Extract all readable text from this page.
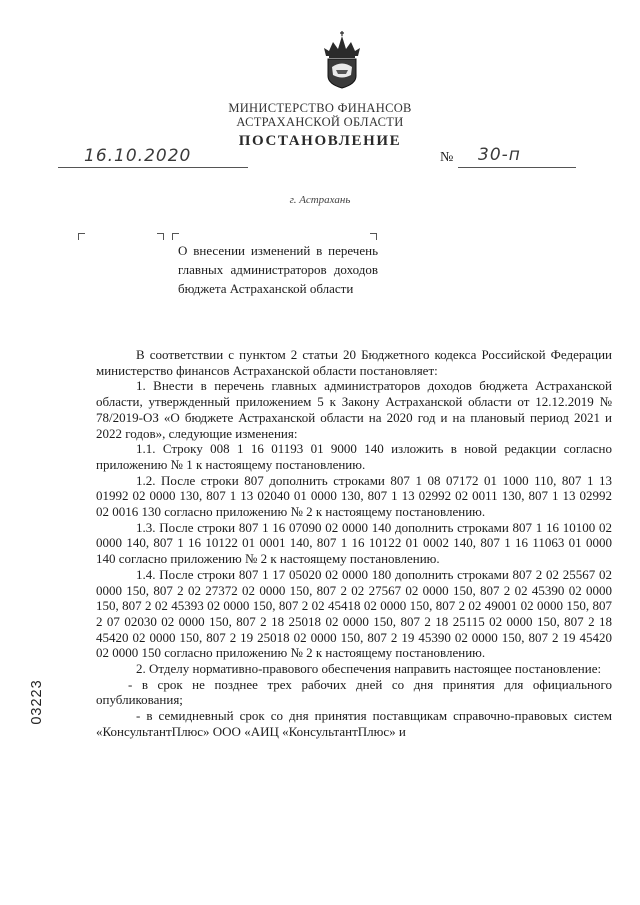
МИНИСТЕРСТВО ФИНАНСОВ
АСТРАХАНСКОЙ ОБЛАСТИ
ПОСТАНОВЛЕНИЕ
16.10.2020	№ 30-п
г. Астрахань
О внесении изменений в перечень главных администраторов доходов бюджета Астраханской области

В соответствии с пунктом 2 статьи 20 Бюджетного кодекса Российской Федерации министерство финансов Астраханской области постановляет:

1. Внести в перечень главных администраторов доходов бюджета Астраханской области, утвержденный приложением 5 к Закону Астраханской области от 12.12.2019 № 78/2019-ОЗ «О бюджете Астраханской области на 2020 год и на плановый период 2021 и 2022 годов», следующие изменения:

1.1. Строку 008 1 16 01193 01 9000 140 изложить в новой редакции согласно приложению № 1 к настоящему постановлению.

1.2. После строки 807 дополнить строками 807 1 08 07172 01 1000 110, 807 1 13 01992 02 0000 130, 807 1 13 02040 01 0000 130, 807 1 13 02992 02 0011 130, 807 1 13 02992 02 0016 130 согласно приложению № 2 к настоящему постановлению.

1.3. После строки 807 1 16 07090 02 0000 140 дополнить строками 807 1 16 10100 02 0000 140, 807 1 16 10122 01 0001 140, 807 1 16 10122 01 0002 140, 807 1 16 11063 01 0000 140 согласно приложению № 2 к настоящему постановлению.

1.4. После строки 807 1 17 05020 02 0000 180 дополнить строками 807 2 02 25567 02 0000 150, 807 2 02 27372 02 0000 150, 807 2 02 27567 02 0000 150, 807 2 02 45390 02 0000 150, 807 2 02 45393 02 0000 150, 807 2 02 45418 02 0000 150, 807 2 02 49001 02 0000 150, 807 2 07 02030 02 0000 150, 807 2 18 25018 02 0000 150, 807 2 18 25115 02 0000 150, 807 2 18 45420 02 0000 150, 807 2 19 25018 02 0000 150, 807 2 19 45390 02 0000 150, 807 2 19 45420 02 0000 150 согласно приложению № 2 к настоящему постановлению.

2. Отделу нормативно-правового обеспечения направить настоящее постановление:

- в срок не позднее трех рабочих дней со дня принятия для официального опубликования;

- в семидневный срок со дня принятия поставщикам справочно-правовых систем «КонсультантПлюс» ООО «АИЦ «КонсультантПлюс» и

03223
